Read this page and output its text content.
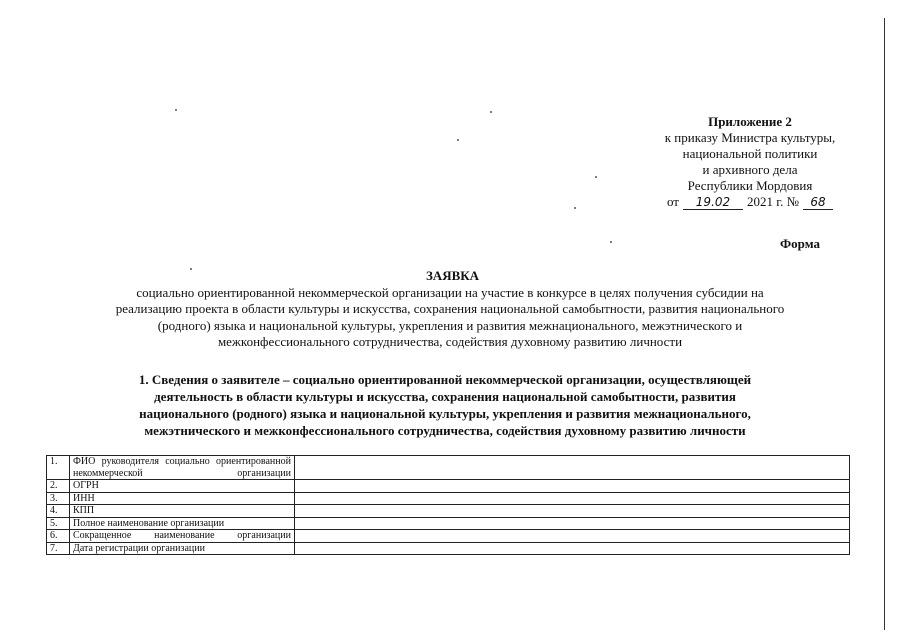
Приложение 2
к приказу Министра культуры,
национальной политики
и архивного дела
Республики Мордовия
от	19.02	2021 г. № 68
Форма
ЗАЯВКА
социально ориентированной некоммерческой организации на участие в конкурсе в целях получения субсидии на
реализацию проекта в области культуры и искусства, сохранения национальной самобытности, развития национального
(родного) языка и национальной культуры, укрепления и развития межнационального, межэтнического и
межконфессионального сотрудничества, содействия духовному развитию личности
1. Сведения о заявителе – социально ориентированной некоммерческой организации, осуществляющей
деятельность в области культуры и искусства, сохранения национальной самобытности, развития
национального (родного) языка и национальной культуры, укрепления и развития межнационального,
межэтнического и межконфессионального сотрудничества, содействия духовному развитию личности
1.	ФИО руководителя социально ориентированной некоммерческой организации	
2.	ОГРН	
3.	ИНН	
4.	КПП	
5.	Полное наименование организации	
6.	Сокращенное наименование организации	
7.	Дата регистрации организации	
